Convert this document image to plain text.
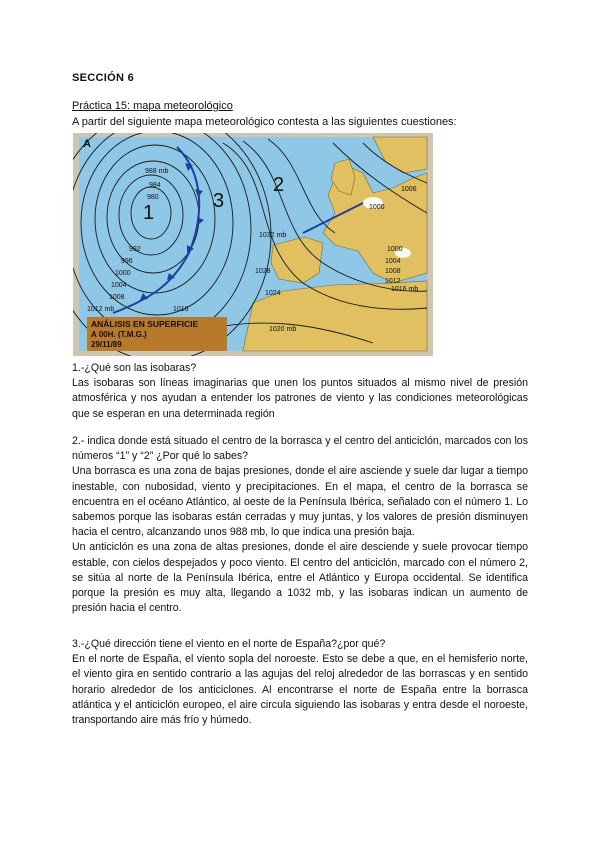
SECCIÓN 6
Práctica 15: mapa meteorológico
A partir del siguiente mapa meteorológico contesta a las siguientes cuestiones:
A
1
2
3
988 mb
984
980
992
996
1000
1004
1008
1012 mb	1016
1032 mb
1028
1024
1020 mb
1006
1000
1000
1004
1008
1012
1016 mb
ANÁLISIS EN SUPERFICIE
A 00H. (T.M.G.)
29/11/89

1.-¿Qué son las isobaras?

Las isobaras son líneas imaginarias que unen los puntos situados al mismo nivel de presión atmosférica y nos ayudan a entender los patrones de viento y las condiciones meteorológicas que se esperan en una determinada región

2.- indica donde está situado el centro de la borrasca y el centro del anticiclón, marcados con los números “1” y “2” ¿Por qué lo sabes?

Una borrasca es una zona de bajas presiones, donde el aire asciende y suele dar lugar a tiempo inestable, con nubosidad, viento y precipitaciones. En el mapa, el centro de la borrasca se encuentra en el océano Atlántico, al oeste de la Península Ibérica, señalado con el número 1. Lo sabemos porque las isobaras están cerradas y muy juntas, y los valores de presión disminuyen hacia el centro, alcanzando unos 988 mb, lo que indica una presión baja.

Un anticiclón es una zona de altas presiones, donde el aire desciende y suele provocar tiempo estable, con cielos despejados y poco viento. El centro del anticiclón, marcado con el número 2, se sitúa al norte de la Península Ibérica, entre el Atlántico y Europa occidental. Se identifica porque la presión es muy alta, llegando a 1032 mb, y las isobaras indican un aumento de presión hacia el centro.

3.-¿Qué dirección tiene el viento en el norte de España?¿por qué?

En el norte de España, el viento sopla del noroeste. Esto se debe a que, en el hemisferio norte, el viento gira en sentido contrario a las agujas del reloj alrededor de las borrascas y en sentido horario alrededor de los anticiclones. Al encontrarse el norte de España entre la borrasca atlántica y el anticiclón europeo, el aire circula siguiendo las isobaras y entra desde el noroeste, transportando aire más frío y húmedo.
